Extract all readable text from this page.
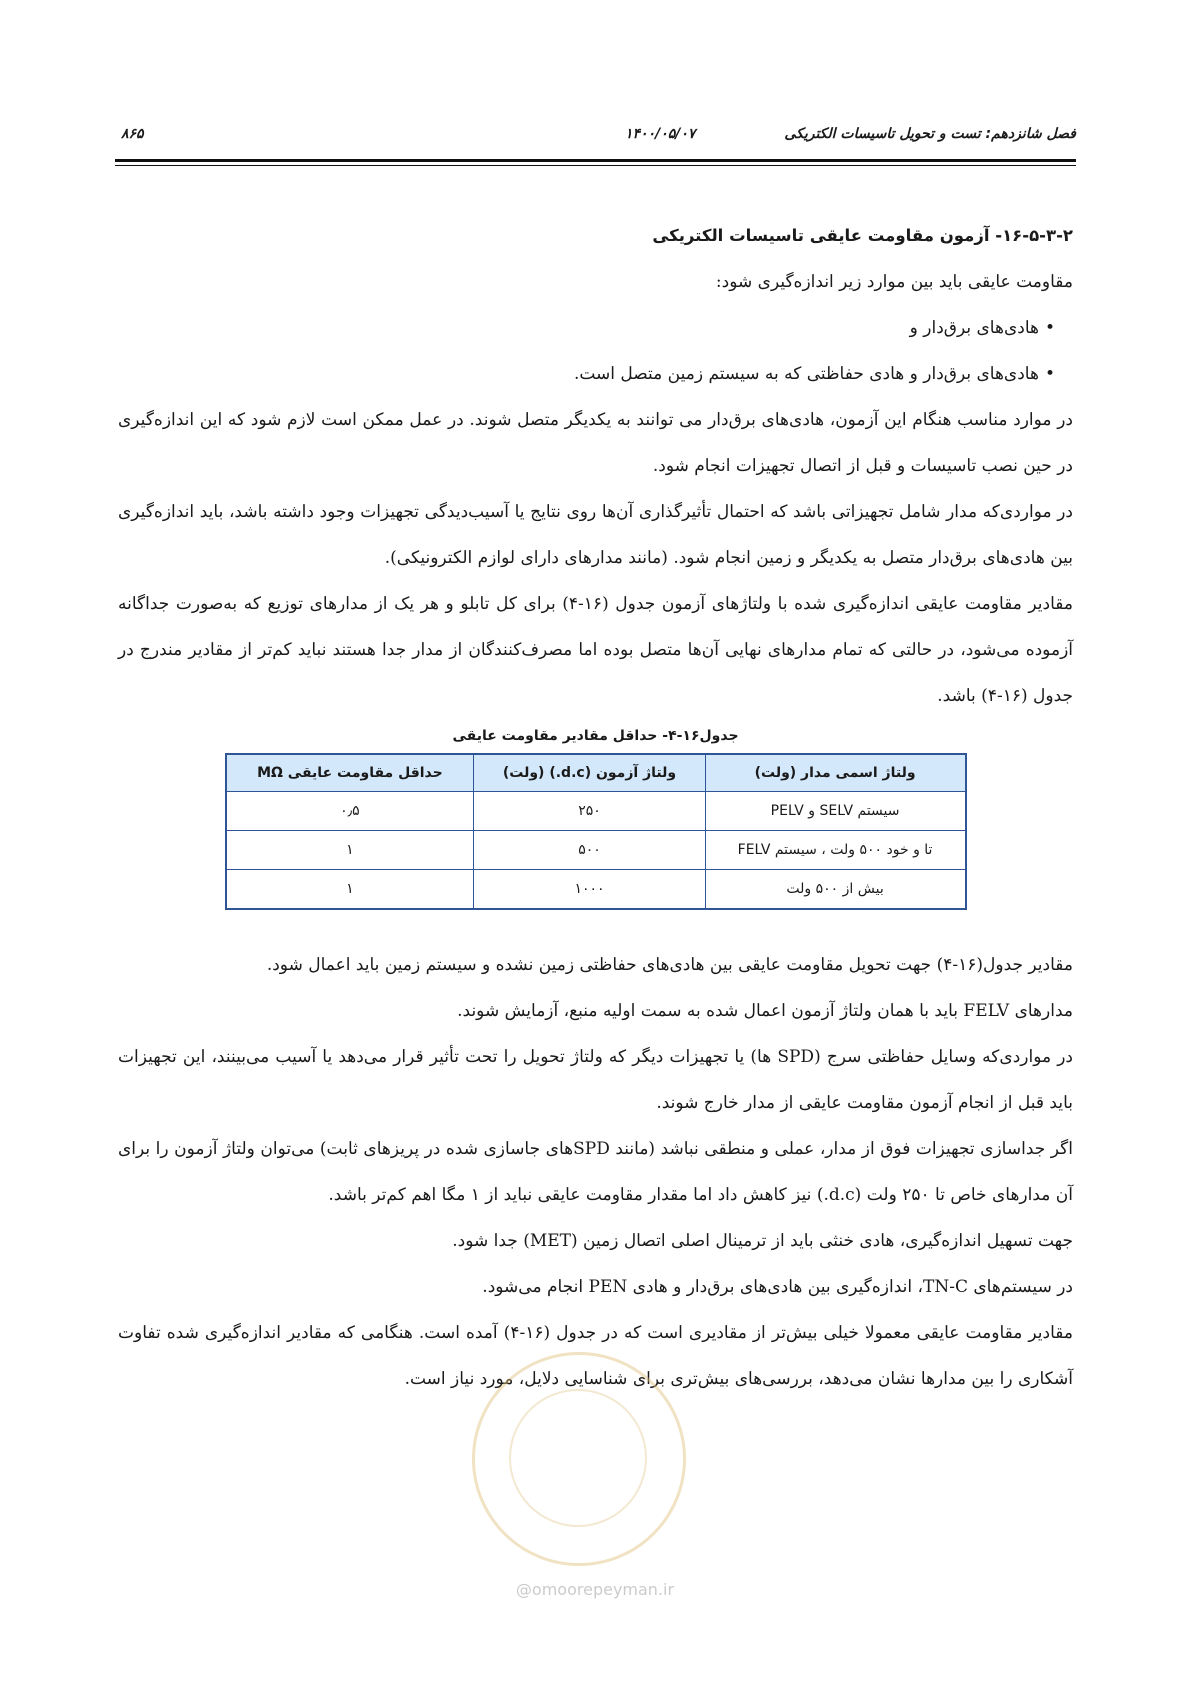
فصل شانزدهم: تست و تحویل تاسیسات الکتریکی
۱۴۰۰/۰۵/۰۷
۸۶۵

۱۶-۵-۳-۲- آزمون مقاومت عایقی تاسیسات الکتریکی

مقاومت عایقی باید بین موارد زیر اندازه‌گیری شود:

• هادی‌های برق‌دار و
• هادی‌های برق‌دار و هادی حفاظتی که به سیستم زمین متصل است.

در موارد مناسب هنگام این آزمون، هادی‌های برق‌دار می توانند به یکدیگر متصل شوند. در عمل ممکن است لازم شود که این اندازه‌گیری در حین نصب تاسیسات و قبل از اتصال تجهیزات انجام شود.

در مواردی‌که مدار شامل تجهیزاتی باشد که احتمال تأثیرگذاری آن‌ها روی نتایج یا آسیب‌دیدگی تجهیزات وجود داشته باشد، باید اندازه‌گیری بین هادی‌های برق‌دار متصل به یکدیگر و زمین انجام شود. (مانند مدارهای دارای لوازم الکترونیکی).

مقادیر مقاومت عایقی اندازه‌گیری شده با ولتاژهای آزمون جدول (۱۶-۴) برای کل تابلو و هر یک از مدارهای توزیع که به‌صورت جداگانه آزموده می‌شود، در حالتی که تمام مدارهای نهایی آن‌ها متصل بوده اما مصرف‌کنندگان از مدار جدا هستند نباید کم‌تر از مقادیر مندرج در جدول (۱۶-۴) باشد.

جدول۱۶-۴- حداقل مقادیر مقاومت عایقی
ولتاژ اسمی مدار (ولت)	ولتاژ آزمون (d.c.) (ولت)	حداقل مقاومت عایقی MΩ
سیستم SELV و PELV	۲۵۰	۰٫۵
تا و خود ۵۰۰ ولت ، سیستم FELV	۵۰۰	۱
بیش از ۵۰۰ ولت	۱۰۰۰	۱

مقادیر جدول(۱۶-۴) جهت تحویل مقاومت عایقی بین هادی‌های حفاظتی زمین نشده و سیستم زمین باید اعمال شود.

مدارهای FELV باید با همان ولتاژ آزمون اعمال شده به سمت اولیه منبع، آزمایش شوند.

در مواردی‌که وسایل حفاظتی سرج (SPD ها) یا تجهیزات دیگر که ولتاژ تحویل را تحت تأثیر قرار می‌دهد یا آسیب می‌بینند، این تجهیزات باید قبل از انجام آزمون مقاومت عایقی از مدار خارج شوند.

اگر جداسازی تجهیزات فوق از مدار، عملی و منطقی نباشد (مانند SPDهای جاسازی شده در پریزهای ثابت) می‌توان ولتاژ آزمون را برای آن مدارهای خاص تا ۲۵۰ ولت (d.c.) نیز کاهش داد اما مقدار مقاومت عایقی نباید از ۱ مگا اهم کم‌تر باشد.

جهت تسهیل اندازه‌گیری، هادی خنثی باید از ترمینال اصلی اتصال زمین (MET) جدا شود.

در سیستم‌های TN-C، اندازه‌گیری بین هادی‌های برق‌دار و هادی PEN انجام می‌شود.

مقادیر مقاومت عایقی معمولا خیلی بیش‌تر از مقادیری است که در جدول (۱۶-۴) آمده است. هنگامی که مقادیر اندازه‌گیری شده تفاوت آشکاری را بین مدارها نشان می‌دهد، بررسی‌های بیش‌تری برای شناسایی دلایل، مورد نیاز است.

@omoorepeyman.ir
